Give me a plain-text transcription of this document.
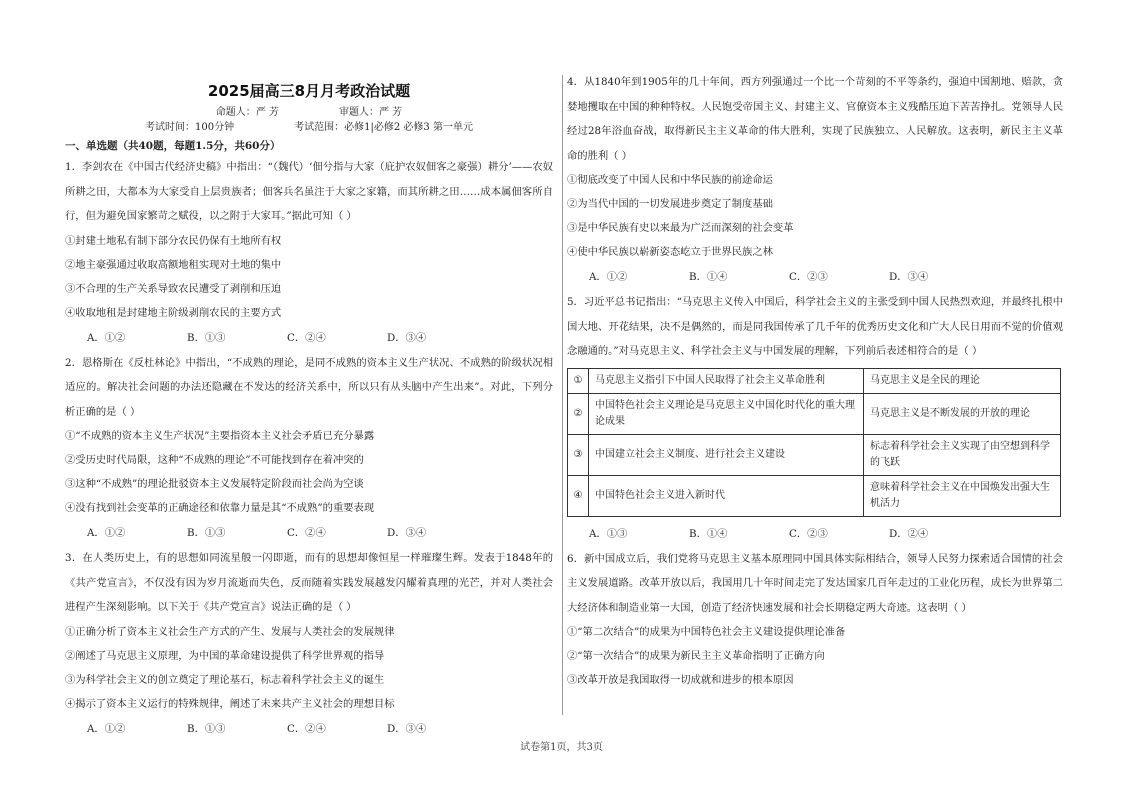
2025届高三8月月考政治试题
命题人：严 芳	审题人：严 芳
考试时间：100分钟	考试范围：必修1|必修2 必修3 第一单元
一、单选题（共40题，每题1.5分，共60分）

1．李剑农在《中国古代经济史稿》中指出：“（魏代）‘佃兮指与大家（庇护农奴佃客之豪强）耕分’——农奴所耕之田，大都本为大家受自上层贵族者；佃客兵名虽注于大家之家籍，而其所耕之田……成本属佃客所自行，但为避免国家繁苛之赋役，以之附于大家耳。”据此可知（ ）

①封建土地私有制下部分农民仍保有土地所有权

②地主豪强通过收取高额地租实现对土地的集中

③不合理的生产关系导致农民遭受了剥削和压迫

④收取地租是封建地主阶级剥削农民的主要方式

A．①②	B．①③	C．②④	D．③④

2．恩格斯在《反杜林论》中指出，“不成熟的理论，是同不成熟的资本主义生产状况、不成熟的阶级状况相适应的。解决社会问题的办法还隐藏在不发达的经济关系中，所以只有从头脑中产生出来”。对此，下列分析正确的是（ ）

①“不成熟的资本主义生产状况”主要指资本主义社会矛盾已充分暴露

②受历史时代局限，这种“不成熟的理论”不可能找到存在着冲突的

③这种“不成熟”的理论批驳资本主义发展特定阶段而社会尚为空谈

④没有找到社会变革的正确途径和依靠力量是其“不成熟”的重要表现

A．①②	B．①③	C．②④	D．③④

3．在人类历史上，有的思想如同流星般一闪即逝，而有的思想却像恒星一样璀璨生辉。发表于1848年的《共产党宣言》，不仅没有因为岁月流逝而失色，反而随着实践发展越发闪耀着真理的光芒，并对人类社会进程产生深刻影响。以下关于《共产党宣言》说法正确的是（ ）

①正确分析了资本主义社会生产方式的产生、发展与人类社会的发展规律

②阐述了马克思主义原理，为中国的革命建设提供了科学世界观的指导

③为科学社会主义的创立奠定了理论基石，标志着科学社会主义的诞生

④揭示了资本主义运行的特殊规律，阐述了未来共产主义社会的理想目标

A．①②	B．①③	C．②④	D．③④

4．从1840年到1905年的几十年间，西方列强通过一个比一个苛刻的不平等条约，强迫中国割地、赔款，贪婪地攫取在中国的种种特权。人民饱受帝国主义、封建主义、官僚资本主义残酷压迫下苦苦挣扎。党领导人民经过28年浴血奋战，取得新民主主义革命的伟大胜利，实现了民族独立、人民解放。这表明，新民主主义革命的胜利（ ）

①彻底改变了中国人民和中华民族的前途命运

②为当代中国的一切发展进步奠定了制度基础

③是中华民族有史以来最为广泛而深刻的社会变革

④使中华民族以崭新姿态屹立于世界民族之林

A．①②	B．①④	C．②③	D．③④

5．习近平总书记指出：“马克思主义传入中国后，科学社会主义的主张受到中国人民热烈欢迎，并最终扎根中国大地、开花结果，决不是偶然的，而是同我国传承了几千年的优秀历史文化和广大人民日用而不觉的价值观念融通的。”对马克思主义、科学社会主义与中国发展的理解，下列前后表述相符合的是（ ）

①	马克思主义指引下中国人民取得了社会主义革命胜利	马克思主义是全民的理论
②	中国特色社会主义理论是马克思主义中国化时代化的重大理论成果	马克思主义是不断发展的开放的理论
③	中国建立社会主义制度、进行社会主义建设	标志着科学社会主义实现了由空想到科学的飞跃
④	中国特色社会主义进入新时代	意味着科学社会主义在中国焕发出强大生机活力
A．①③	B．①④	C．②③	D．②④

6．新中国成立后，我们党将马克思主义基本原理同中国具体实际相结合，领导人民努力探索适合国情的社会主义发展道路。改革开放以后，我国用几十年时间走完了发达国家几百年走过的工业化历程，成长为世界第二大经济体和制造业第一大国，创造了经济快速发展和社会长期稳定两大奇迹。这表明（ ）

①“第二次结合”的成果为中国特色社会主义建设提供理论准备

②“第一次结合”的成果为新民主主义革命指明了正确方向

③改革开放是我国取得一切成就和进步的根本原因

试卷第1页，共3页
